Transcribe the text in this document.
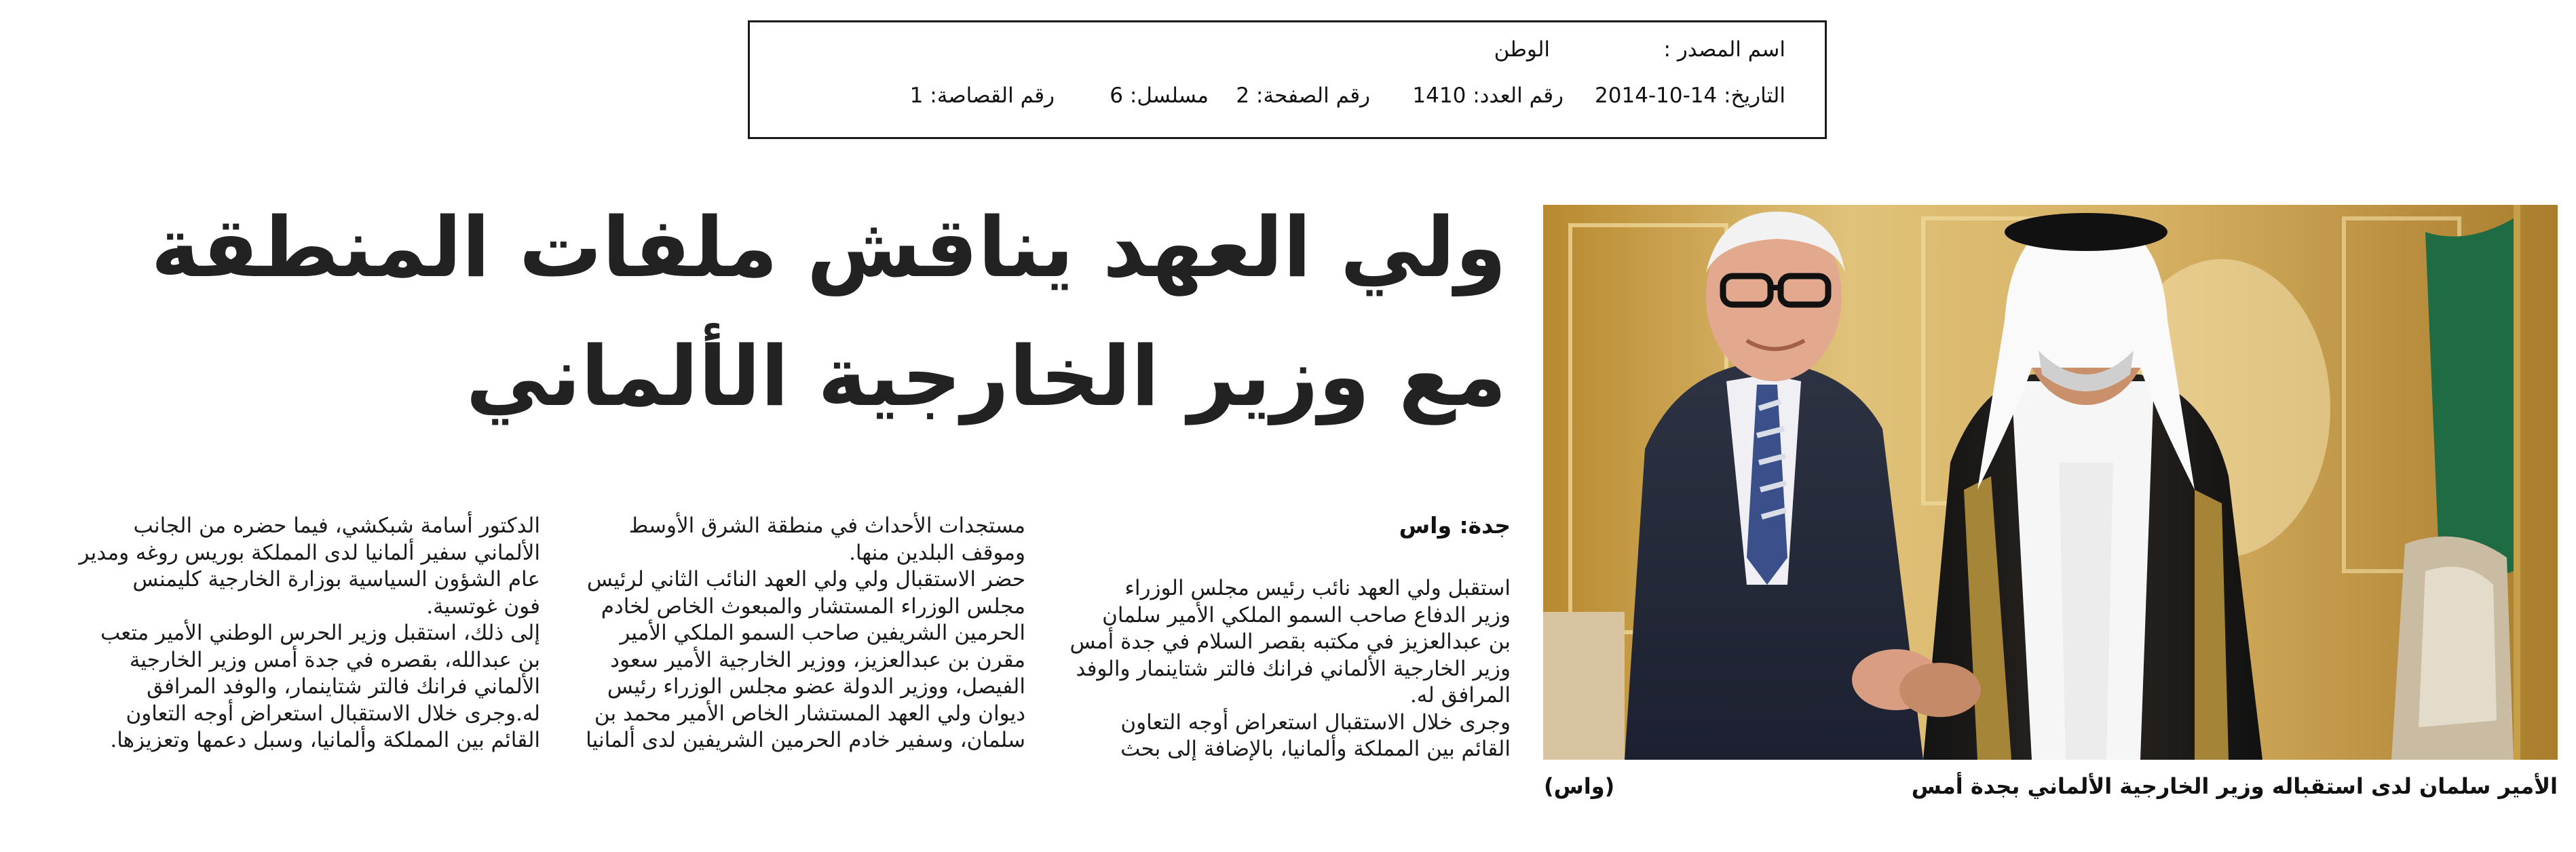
اسم المصدر :
الوطن
التاريخ: 2014-10-14
رقم العدد: 1410
رقم الصفحة: 2
مسلسل: 6
رقم القصاصة: 1
ولي العهد يناقش ملفات المنطقة
مع وزير الخارجية الألماني
الأمير سلمان لدى استقباله وزير الخارجية الألماني بجدة أمس
(واس)
جدة: واس

استقبل ولي العهد نائب رئيس مجلس الوزراء

وزير الدفاع صاحب السمو الملكي الأمير سلمان

بن عبدالعزيز في مكتبه بقصر السلام في جدة أمس

وزير الخارجية الألماني فرانك فالتر شتاينمار والوفد

المرافق له.

وجرى خلال الاستقبال استعراض أوجه التعاون

القائم بين المملكة وألمانيا، بالإضافة إلى بحث

مستجدات الأحداث في منطقة الشرق الأوسط

وموقف البلدين منها.

حضر الاستقبال ولي ولي العهد النائب الثاني لرئيس

مجلس الوزراء المستشار والمبعوث الخاص لخادم

الحرمين الشريفين صاحب السمو الملكي الأمير

مقرن بن عبدالعزيز، ووزير الخارجية الأمير سعود

الفيصل، ووزير الدولة عضو مجلس الوزراء رئيس

ديوان ولي العهد المستشار الخاص الأمير محمد بن

سلمان، وسفير خادم الحرمين الشريفين لدى ألمانيا

الدكتور أسامة شبكشي، فيما حضره من الجانب

الألماني سفير ألمانيا لدى المملكة بوريس روغه ومدير

عام الشؤون السياسية بوزارة الخارجية كليمنس

فون غوتسية.

إلى ذلك، استقبل وزير الحرس الوطني الأمير متعب

بن عبدالله، بقصره في جدة أمس وزير الخارجية

الألماني فرانك فالتر شتاينمار، والوفد المرافق

له.وجرى خلال الاستقبال استعراض أوجه التعاون

القائم بين المملكة وألمانيا، وسبل دعمها وتعزيزها.
